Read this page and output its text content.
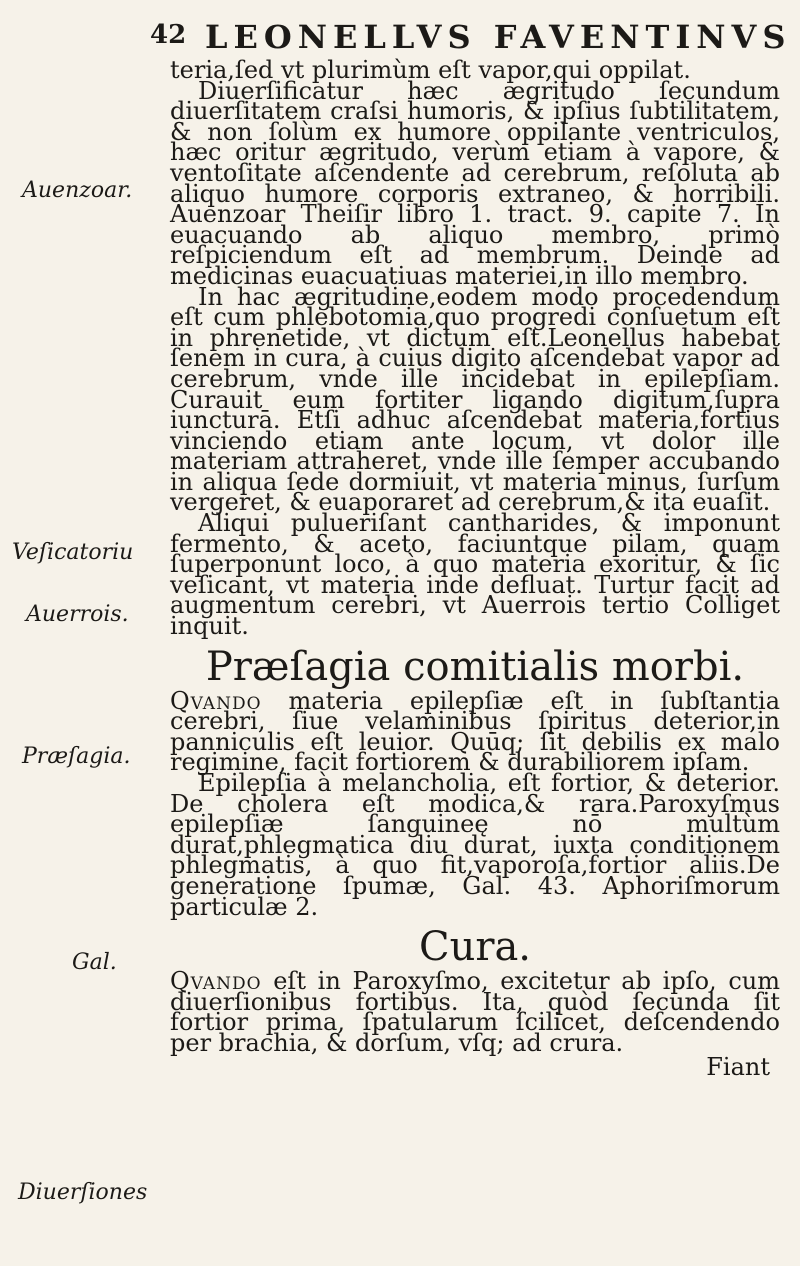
42 LEONELLVS FAVENTINVS
Auenzoar.
Veſicatoriu
Auerrois.
Præſagia.
Gal.
Diuerſiones

teria,ſed vt plurimùm eſt vapor,qui oppilat.

Diuerſificatur hæc ægritudo ſecundum diuerſitatem craſsi humoris, & ipſius ſubtilitatem, & non ſolùm ex humore oppilante ventriculos, hæc oritur ægritudo, verùm etiam à vapore, & ventoſitate aſcendente ad cerebrum, reſoluta ab aliquo humore corporis extraneo, & horribili. Auenzoar Theiſir libro 1. tract. 9. capite 7. In euacuando ab aliquo membro, primò reſpiciendum eſt ad membrum. Deinde ad medicinas euacuatiuas materiei,in illo membro.

In hac ægritudine,eodem modo procedendum eſt cum phlebotomia,quo progredi conſuetum eſt in phrenetide, vt dictum eſt.Leonellus habebat ſenem in cura, à cuius digito aſcendebat vapor ad cerebrum, vnde ille incidebat in epilepſiam. Curauit eum fortiter ligando digitum,ſupra iuncturā. Etſi adhuc aſcendebat materia,fortius vinciendo etiam ante locum, vt dolor ille materiam attraheret, vnde ille ſemper accubando in aliqua ſede dormiuit, vt materia minus, ſurſum vergeret, & euaporaret ad cerebrum,& ita euaſit.

Aliqui pulueriſant cantharides, & imponunt fermento, & aceto, faciuntque pilam, quam ſuperponunt loco, à quo materia exoritur, & ſic veſicant, vt materia inde defluat. Turtur facit ad augmentum cerebri, vt Auerrois tertio Colliget inquit.

Præſagia comitialis morbi.

Qvando materia epilepſiæ eſt in ſubſtantia cerebri, ſiue velaminibus ſpiritus deterior,in panniculis eſt leuior. Quūq; ſit debilis ex malo regimine, facit fortiorem & durabiliorem ipſam.

Epilepſia à melancholia, eſt fortior, & deterior. De cholera eſt modica,& rara.Paroxyſmus epilepſiæ ſanguineę nō multùm durat,phlegmatica diu durat, iuxta conditionem phlegmatis, à quo fit,vaporoſa,fortior aliis.De generatione ſpumæ, Gal. 43. Aphoriſmorum particulæ 2.

Cura.

Qvando eſt in Paroxyſmo, excitetur ab ipſo, cum diuerſionibus fortibus. Ita, quòd ſecunda ſit fortior prima, ſpatularum ſcilicet, deſcendendo per brachia, & dorſum, vſq; ad crura.

Fiant
